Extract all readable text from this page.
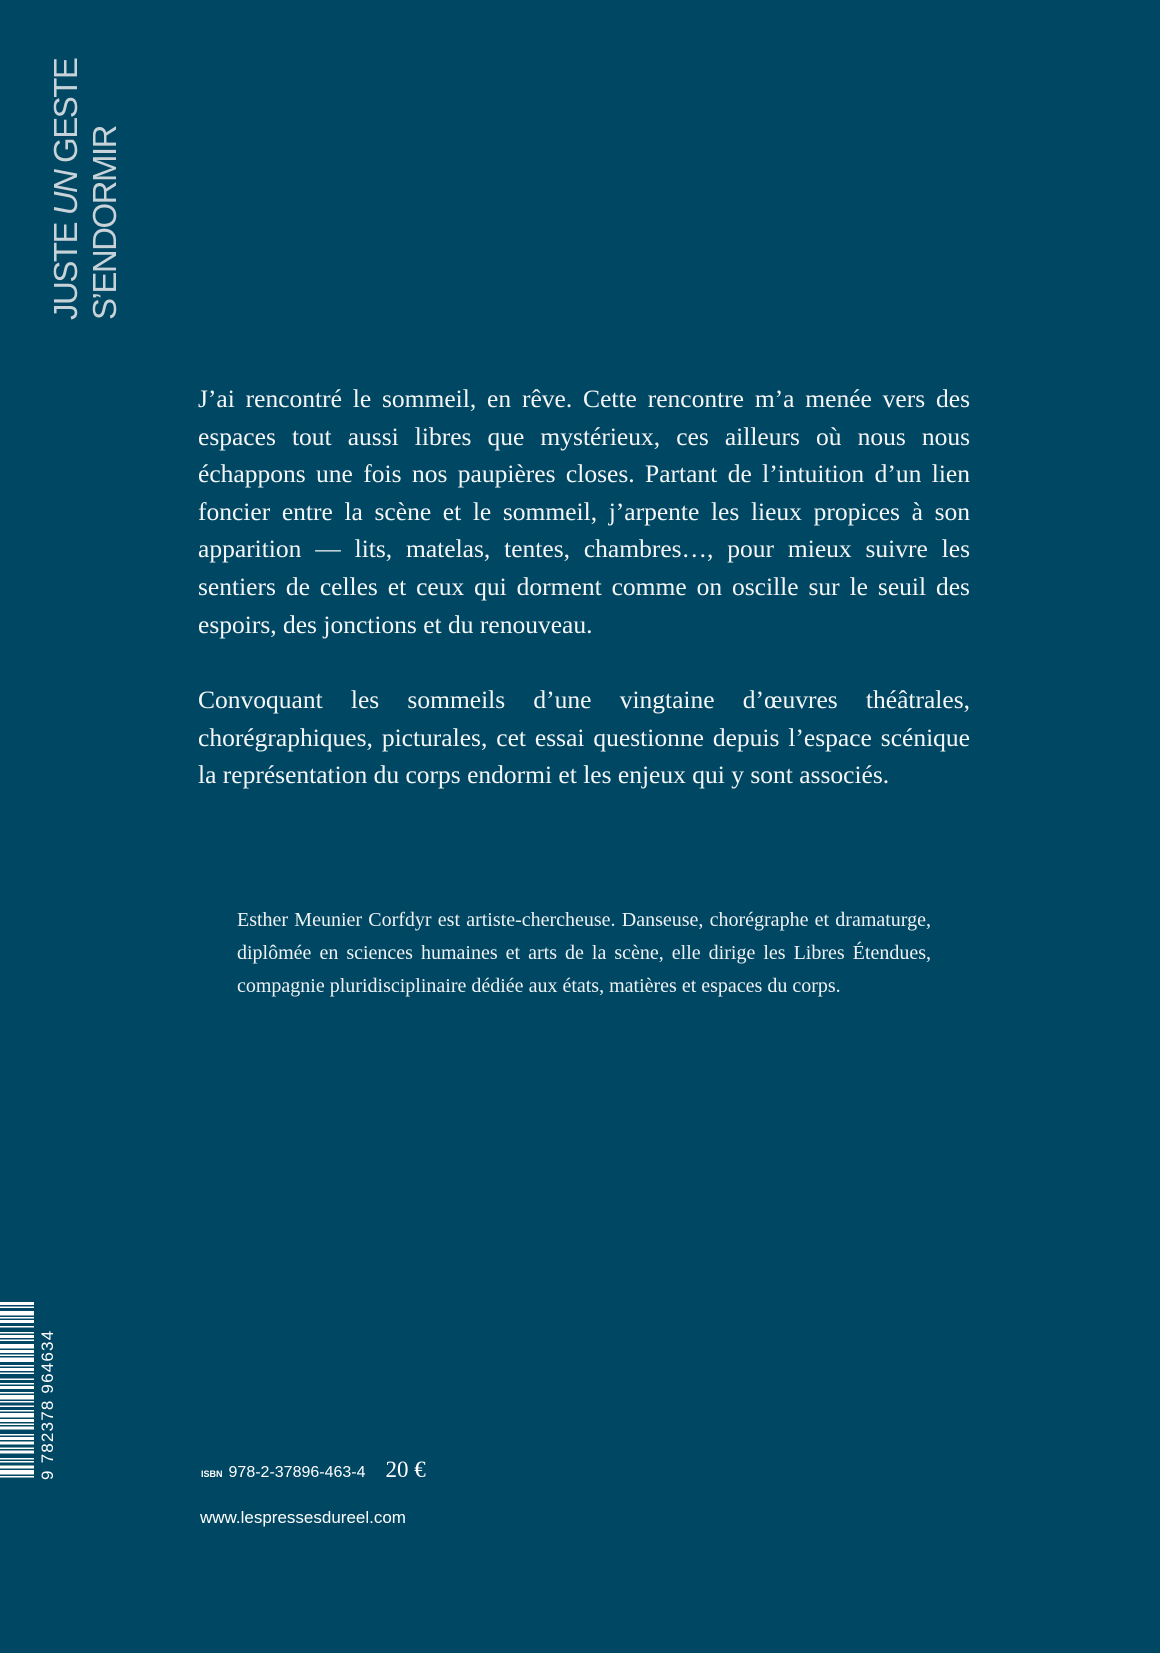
JUSTE UN GESTE
S’ENDORMIR

J’ai rencontré le sommeil, en rêve. Cette rencontre m’a menée vers des espaces tout aussi libres que mystérieux, ces ailleurs où nous nous échappons une fois nos paupières closes. Partant de l’intuition d’un lien foncier entre la scène et le sommeil, j’arpente les lieux propices à son apparition — lits, matelas, tentes, chambres…, pour mieux suivre les sentiers de celles et ceux qui dorment comme on oscille sur le seuil des espoirs, des jonctions et du renouveau.

Convoquant les sommeils d’une vingtaine d’œuvres théâtrales, chorégraphiques, picturales, cet essai questionne depuis l’espace scénique la représentation du corps endormi et les enjeux qui y sont associés.

Esther Meunier Corfdyr est artiste-chercheuse. Danseuse, chorégraphe et dramaturge, diplômée en sciences humaines et arts de la scène, elle dirige les Libres Étendues, compagnie pluridisciplinaire dédiée aux états, matières et espaces du corps.

9 782378 964634	ISBN 978-2-37896-463-4 20 €
www.lespressesdureel.com
